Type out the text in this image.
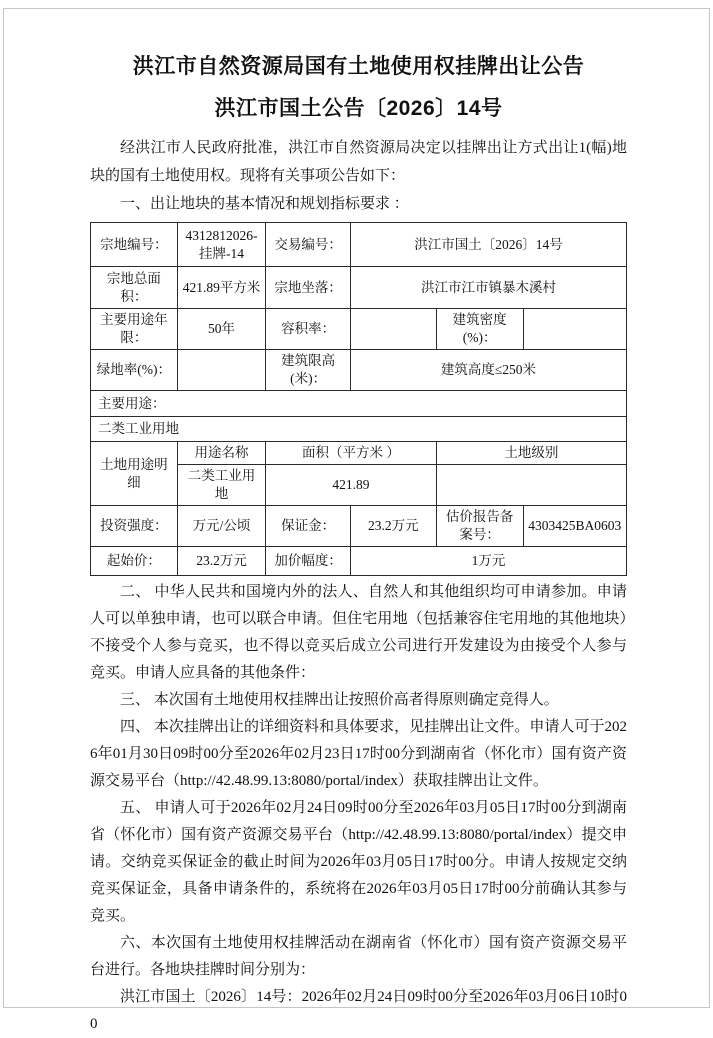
洪江市自然资源局国有土地使用权挂牌出让公告
洪江市国土公告〔2026〕14号

经洪江市人民政府批准，洪江市自然资源局决定以挂牌出让方式出让1(幅)地块的国有土地使用权。现将有关事项公告如下：

一、出让地块的基本情况和规划指标要求 ：

宗地编号：	4312812026-挂牌-14	交易编号：	洪江市国土〔2026〕14号		
宗地总面积：	421.89平方米	宗地坐落：	洪江市江市镇暴木溪村		
主要用途年限：	50年	容积率：		建筑密度(%)：	
绿地率(%)：		建筑限高(米)：	建筑高度≤250米		
主要用途：					
二类工业用地					
土地用途明细	用途名称	面积（平方米 ）		土地级别	
	二类工业用地	421.89			
投资强度：	万元/公顷	保证金：	23.2万元	估价报告备案号：	4303425BA0603
起始价：	23.2万元	加价幅度：	1万元		

二、 中华人民共和国境内外的法人、自然人和其他组织均可申请参加。申请人可以单独申请，也可以联合申请。但住宅用地（包括兼容住宅用地的其他地块）不接受个人参与竞买，也不得以竞买后成立公司进行开发建设为由接受个人参与竞买。申请人应具备的其他条件：

三、 本次国有土地使用权挂牌出让按照价高者得原则确定竞得人。

四、 本次挂牌出让的详细资料和具体要求，见挂牌出让文件。申请人可于2026年01月30日09时00分至2026年02月23日17时00分到湖南省（怀化市）国有资产资源交易平台（http://42.48.99.13:8080/portal/index）获取挂牌出让文件。

五、 申请人可于2026年02月24日09时00分至2026年03月05日17时00分到湖南省（怀化市）国有资产资源交易平台（http://42.48.99.13:8080/portal/index）提交申请。交纳竞买保证金的截止时间为2026年03月05日17时00分。申请人按规定交纳竞买保证金，具备申请条件的，系统将在2026年03月05日17时00分前确认其参与竞买。

六、本次国有土地使用权挂牌活动在湖南省（怀化市）国有资产资源交易平台进行。各地块挂牌时间分别为：

洪江市国土〔2026〕14号：2026年02月24日09时00分至2026年03月06日10时00
